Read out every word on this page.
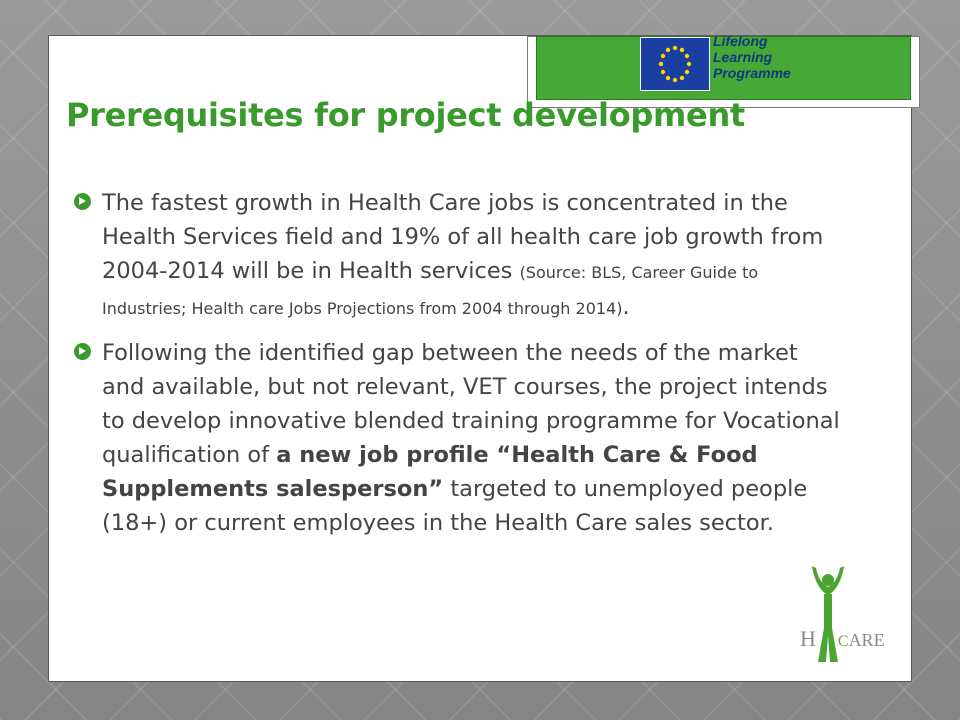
Lifelong
Learning
Programme
Prerequisites for project development
The fastest growth in Health Care jobs is concentrated in the Health Services field and 19% of all health care job growth from 2004-2014 will be in Health services (Source: BLS, Career Guide to Industries; Health care Jobs Projections from 2004 through 2014).
Following the identified gap between the needs of the market and available, but not relevant, VET courses, the project intends to develop innovative blended training programme for Vocational qualification of a new job profile “Health Care & Food Supplements salesperson” targeted to unemployed people (18+) or current employees in the Health Care sales sector.
H CARE
